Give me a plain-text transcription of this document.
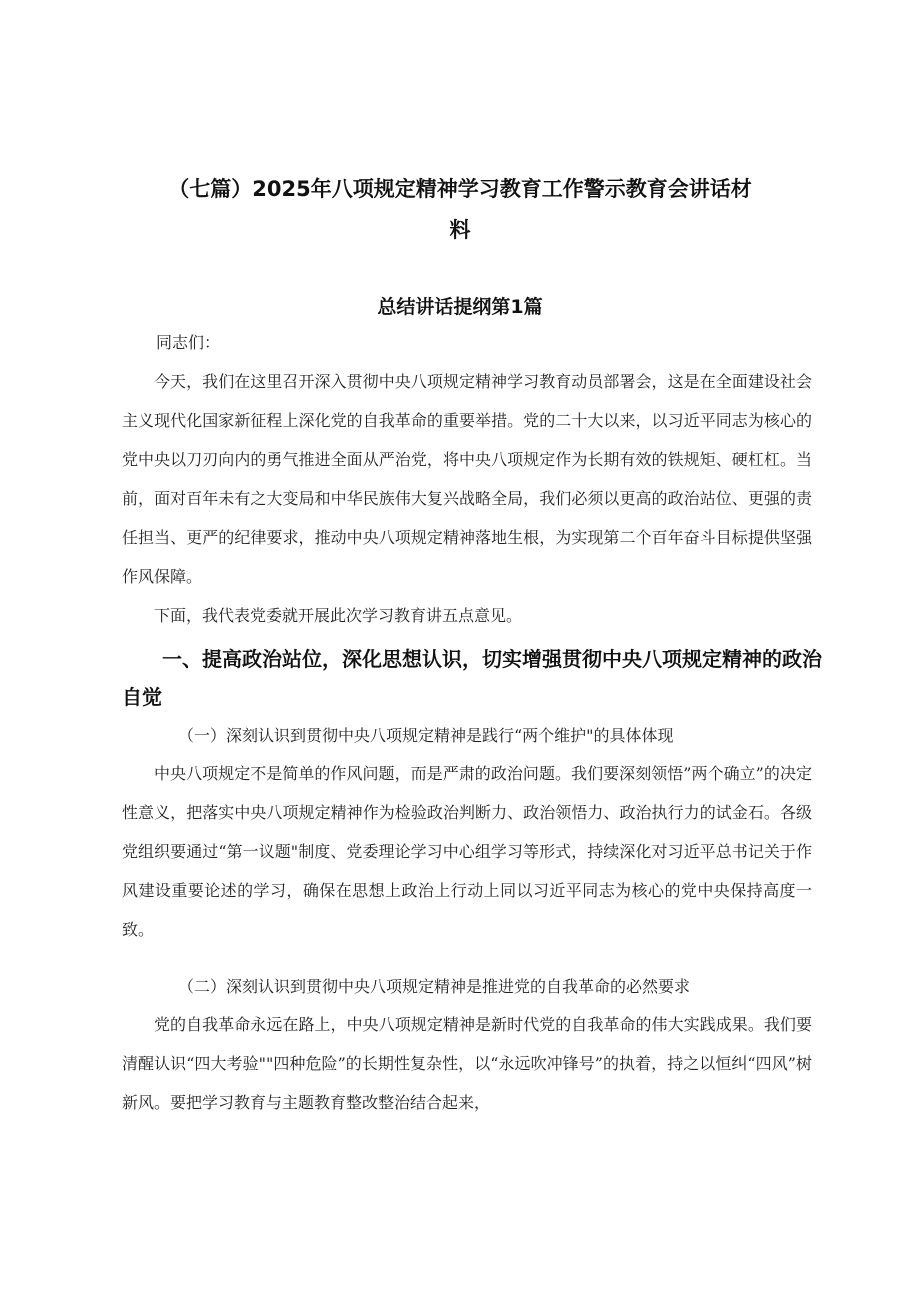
（七篇）2025年八项规定精神学习教育工作警示教育会讲话材
料
总结讲话提纲第1篇
同志们：

今天，我们在这里召开深入贯彻中央八项规定精神学习教育动员部署会，这是在全面建设社会主义现代化国家新征程上深化党的自我革命的重要举措。党的二十大以来，以习近平同志为核心的党中央以刀刃向内的勇气推进全面从严治党，将中央八项规定作为长期有效的铁规矩、硬杠杠。当前，面对百年未有之大变局和中华民族伟大复兴战略全局，我们必须以更高的政治站位、更强的责任担当、更严的纪律要求，推动中央八项规定精神落地生根，为实现第二个百年奋斗目标提供坚强作风保障。

下面，我代表党委就开展此次学习教育讲五点意见。

一、提高政治站位，深化思想认识，切实增强贯彻中央八项规定精神的政治自觉
（一）深刻认识到贯彻中央八项规定精神是践行“两个维护"的具体体现

中央八项规定不是简单的作风问题，而是严肃的政治问题。我们要深刻领悟”两个确立”的决定性意义，把落实中央八项规定精神作为检验政治判断力、政治领悟力、政治执行力的试金石。各级党组织要通过“第一议题"制度、党委理论学习中心组学习等形式，持续深化对习近平总书记关于作风建设重要论述的学习，确保在思想上政治上行动上同以习近平同志为核心的党中央保持高度一致。

（二）深刻认识到贯彻中央八项规定精神是推进党的自我革命的必然要求

党的自我革命永远在路上，中央八项规定精神是新时代党的自我革命的伟大实践成果。我们要清醒认识“四大考验""四种危险”的长期性复杂性，以“永远吹冲锋号”的执着，持之以恒纠“四风”树新风。要把学习教育与主题教育整改整治结合起来，
